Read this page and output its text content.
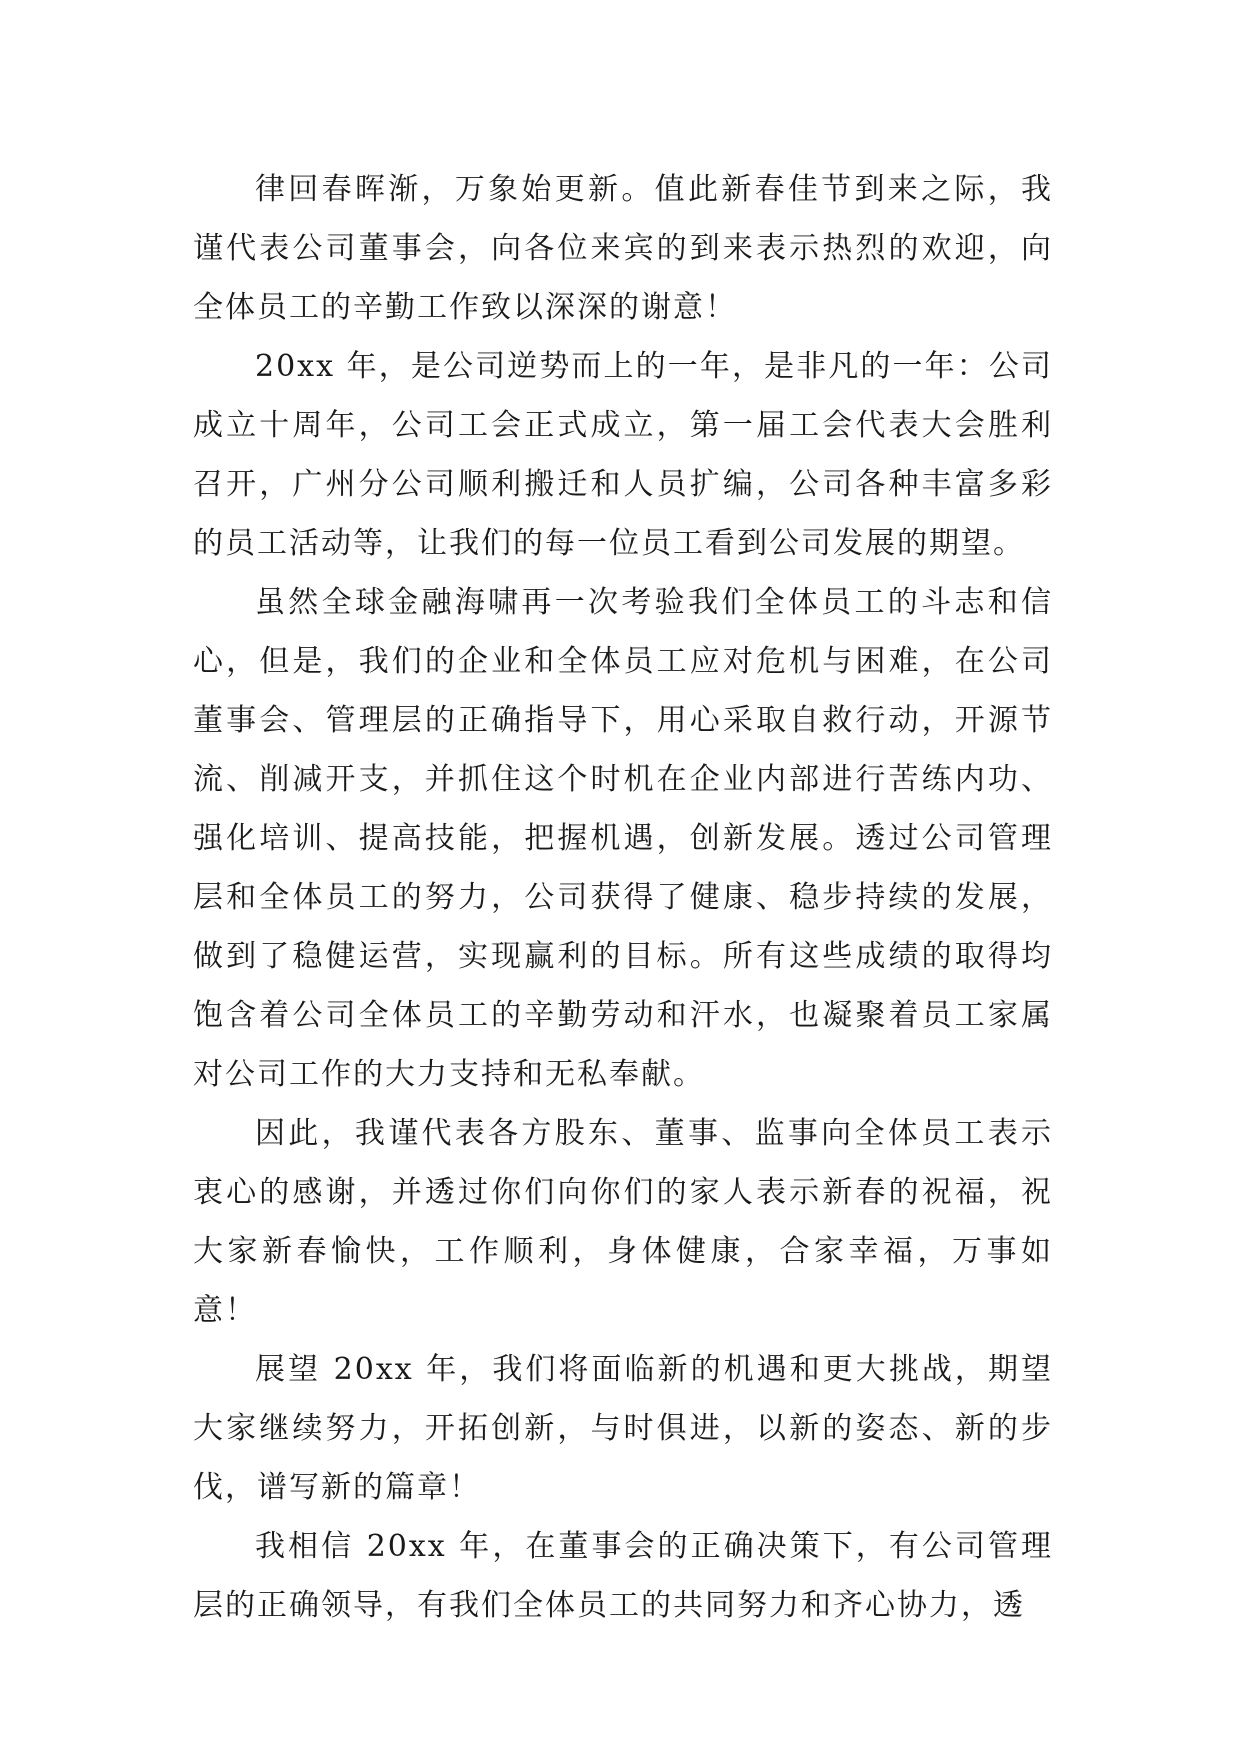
律回春晖渐，万象始更新。值此新春佳节到来之际，我谨代表公司董事会，向各位来宾的到来表示热烈的欢迎，向全体员工的辛勤工作致以深深的谢意！

20xx 年，是公司逆势而上的一年，是非凡的一年：公司成立十周年，公司工会正式成立，第一届工会代表大会胜利召开，广州分公司顺利搬迁和人员扩编，公司各种丰富多彩的员工活动等，让我们的每一位员工看到公司发展的期望。

虽然全球金融海啸再一次考验我们全体员工的斗志和信心，但是，我们的企业和全体员工应对危机与困难，在公司董事会、管理层的正确指导下，用心采取自救行动，开源节流、削减开支，并抓住这个时机在企业内部进行苦练内功、强化培训、提高技能，把握机遇，创新发展。透过公司管理层和全体员工的努力，公司获得了健康、稳步持续的发展，做到了稳健运营，实现赢利的目标。所有这些成绩的取得均饱含着公司全体员工的辛勤劳动和汗水，也凝聚着员工家属对公司工作的大力支持和无私奉献。

因此，我谨代表各方股东、董事、监事向全体员工表示衷心的感谢，并透过你们向你们的家人表示新春的祝福，祝大家新春愉快，工作顺利，身体健康，合家幸福，万事如意！

展望 20xx 年，我们将面临新的机遇和更大挑战，期望大家继续努力，开拓创新，与时俱进，以新的姿态、新的步伐，谱写新的篇章！

我相信 20xx 年，在董事会的正确决策下，有公司管理层的正确领导，有我们全体员工的共同努力和齐心协力，透
